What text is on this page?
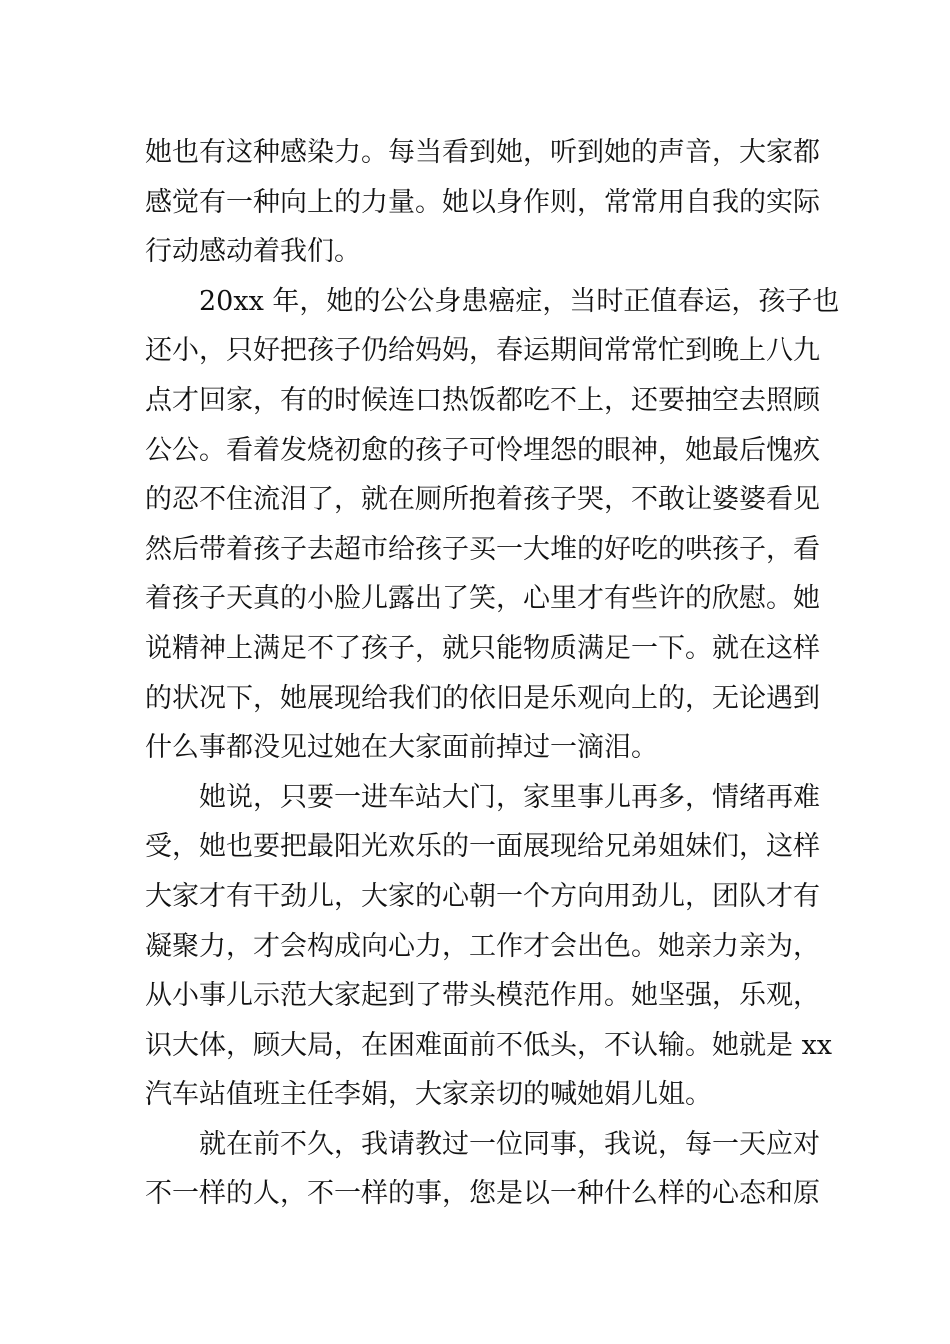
她也有这种感染力。每当看到她，听到她的声音，大家都
感觉有一种向上的力量。她以身作则，常常用自我的实际
行动感动着我们。
20xx 年，她的公公身患癌症，当时正值春运，孩子也
还小，只好把孩子仍给妈妈，春运期间常常忙到晚上八九
点才回家，有的时候连口热饭都吃不上，还要抽空去照顾
公公。看着发烧初愈的孩子可怜埋怨的眼神，她最后愧疚
的忍不住流泪了，就在厕所抱着孩子哭，不敢让婆婆看见
然后带着孩子去超市给孩子买一大堆的好吃的哄孩子，看
着孩子天真的小脸儿露出了笑，心里才有些许的欣慰。她
说精神上满足不了孩子，就只能物质满足一下。就在这样
的状况下，她展现给我们的依旧是乐观向上的，无论遇到
什么事都没见过她在大家面前掉过一滴泪。
她说，只要一进车站大门，家里事儿再多，情绪再难
受，她也要把最阳光欢乐的一面展现给兄弟姐妹们，这样
大家才有干劲儿，大家的心朝一个方向用劲儿，团队才有
凝聚力，才会构成向心力，工作才会出色。她亲力亲为，
从小事儿示范大家起到了带头模范作用。她坚强，乐观，
识大体，顾大局，在困难面前不低头，不认输。她就是 xx
汽车站值班主任李娟，大家亲切的喊她娟儿姐。
就在前不久，我请教过一位同事，我说，每一天应对
不一样的人，不一样的事，您是以一种什么样的心态和原
